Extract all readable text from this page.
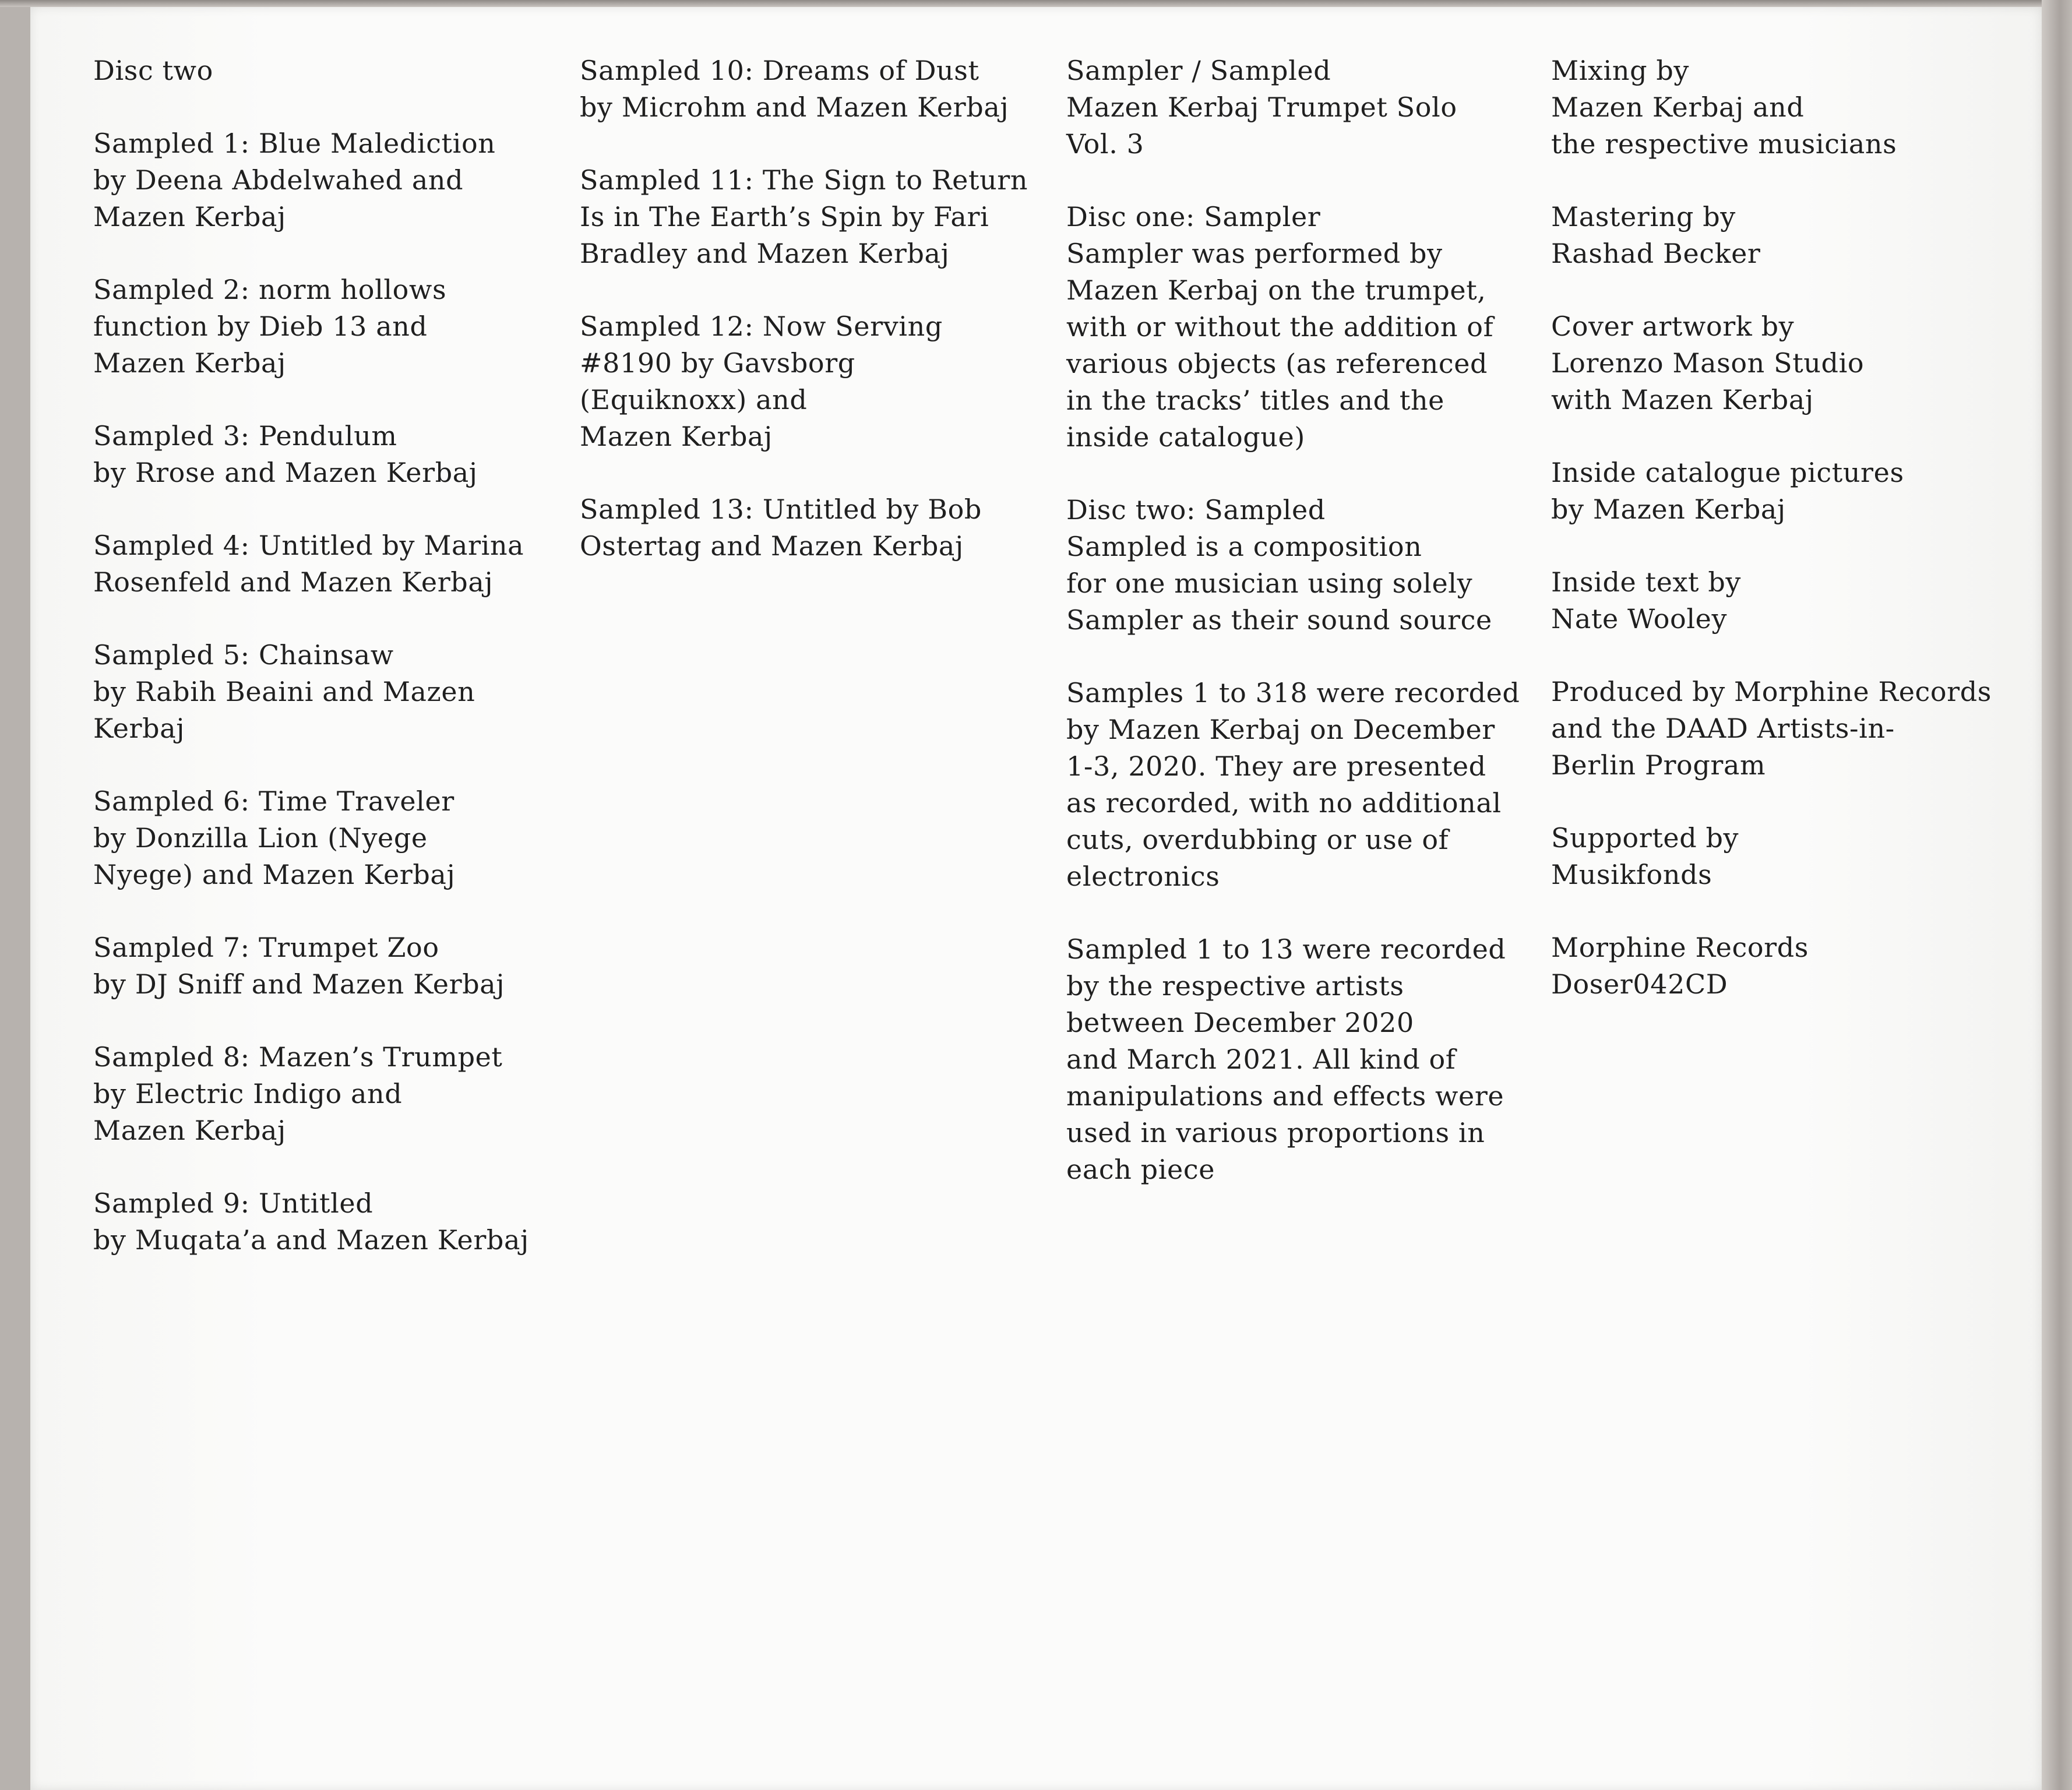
Disc two
Sampled 1: Blue Malediction
by Deena Abdelwahed and
Mazen Kerbaj
Sampled 2: norm hollows
function by Dieb 13 and
Mazen Kerbaj
Sampled 3: Pendulum
by Rrose and Mazen Kerbaj
Sampled 4: Untitled by Marina
Rosenfeld and Mazen Kerbaj
Sampled 5: Chainsaw
by Rabih Beaini and Mazen
Kerbaj
Sampled 6: Time Traveler
by Donzilla Lion (Nyege
Nyege) and Mazen Kerbaj
Sampled 7: Trumpet Zoo
by DJ Sniff and Mazen Kerbaj
Sampled 8: Mazen’s Trumpet
by Electric Indigo and
Mazen Kerbaj
Sampled 9: Untitled
by Muqata’a and Mazen Kerbaj
Sampled 10: Dreams of Dust
by Microhm and Mazen Kerbaj
Sampled 11: The Sign to Return
Is in The Earth’s Spin by Fari
Bradley and Mazen Kerbaj
Sampled 12: Now Serving
#8190 by Gavsborg
(Equiknoxx) and
Mazen Kerbaj
Sampled 13: Untitled by Bob
Ostertag and Mazen Kerbaj
Sampler / Sampled
Mazen Kerbaj Trumpet Solo
Vol. 3
Disc one: Sampler
Sampler was performed by
Mazen Kerbaj on the trumpet,
with or without the addition of
various objects (as referenced
in the tracks’ titles and the
inside catalogue)
Disc two: Sampled
Sampled is a composition
for one musician using solely
Sampler as their sound source
Samples 1 to 318 were recorded
by Mazen Kerbaj on December
1-3, 2020. They are presented
as recorded, with no additional
cuts, overdubbing or use of
electronics
Sampled 1 to 13 were recorded
by the respective artists
between December 2020
and March 2021. All kind of
manipulations and effects were
used in various proportions in
each piece
Mixing by
Mazen Kerbaj and
the respective musicians
Mastering by
Rashad Becker
Cover artwork by
Lorenzo Mason Studio
with Mazen Kerbaj
Inside catalogue pictures
by Mazen Kerbaj
Inside text by
Nate Wooley
Produced by Morphine Records
and the DAAD Artists-in-
Berlin Program
Supported by
Musikfonds
Morphine Records
Doser042CD
